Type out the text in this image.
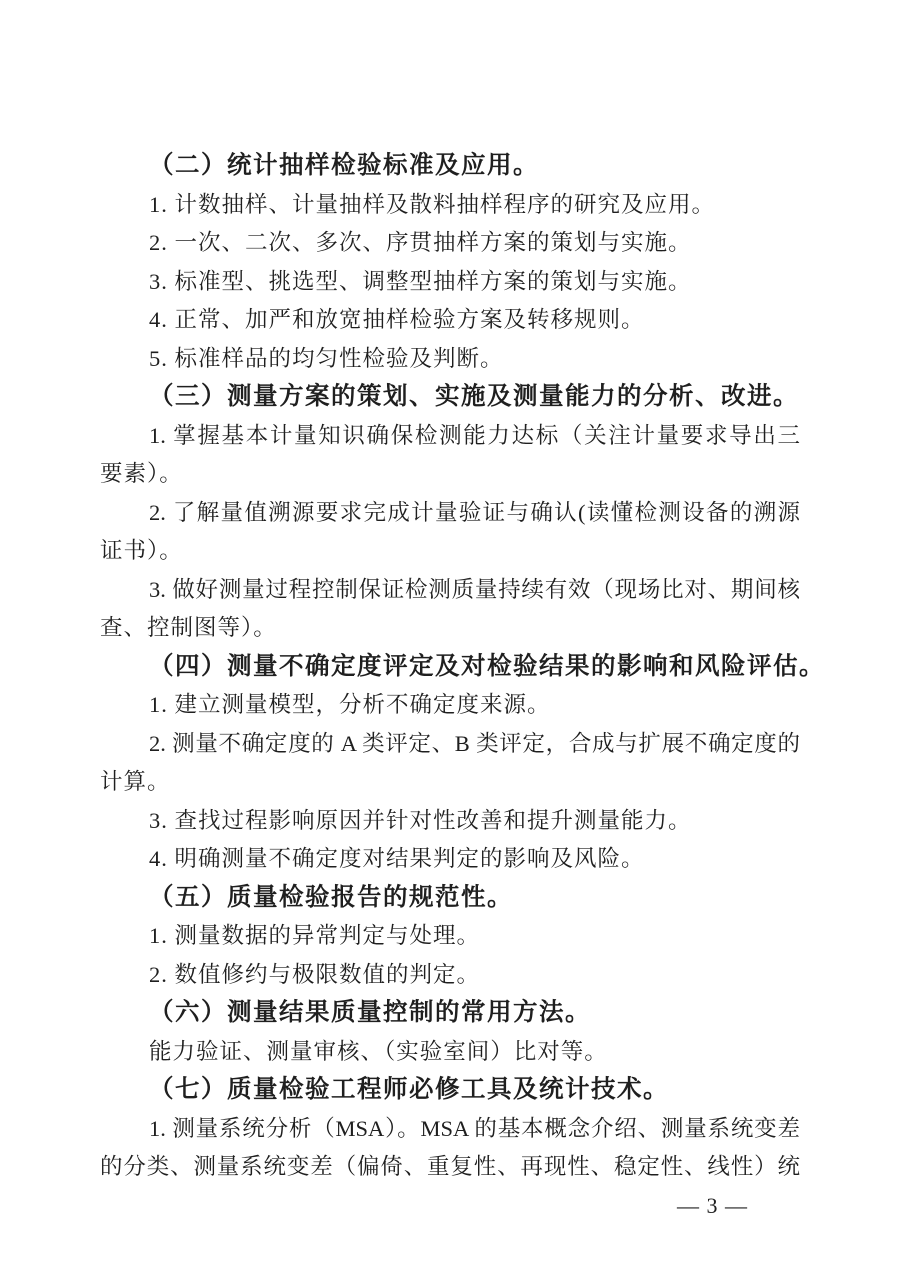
（二）统计抽样检验标准及应用。
1. 计数抽样、计量抽样及散料抽样程序的研究及应用。
2. 一次、二次、多次、序贯抽样方案的策划与实施。
3. 标准型、挑选型、调整型抽样方案的策划与实施。
4. 正常、加严和放宽抽样检验方案及转移规则。
5. 标准样品的均匀性检验及判断。
（三）测量方案的策划、实施及测量能力的分析、改进。
1. 掌握基本计量知识确保检测能力达标（关注计量要求导出三
要素）。
2. 了解量值溯源要求完成计量验证与确认(读懂检测设备的溯源
证书）。
3. 做好测量过程控制保证检测质量持续有效（现场比对、期间核
查、控制图等）。
（四）测量不确定度评定及对检验结果的影响和风险评估。
1. 建立测量模型，分析不确定度来源。
2. 测量不确定度的 A 类评定、B 类评定，合成与扩展不确定度的
计算。
3. 查找过程影响原因并针对性改善和提升测量能力。
4. 明确测量不确定度对结果判定的影响及风险。
（五）质量检验报告的规范性。
1. 测量数据的异常判定与处理。
2. 数值修约与极限数值的判定。
（六）测量结果质量控制的常用方法。
能力验证、测量审核、（实验室间）比对等。
（七）质量检验工程师必修工具及统计技术。
1. 测量系统分析（MSA）。MSA 的基本概念介绍、测量系统变差
的分类、测量系统变差（偏倚、重复性、再现性、稳定性、线性）统
— 3 —
